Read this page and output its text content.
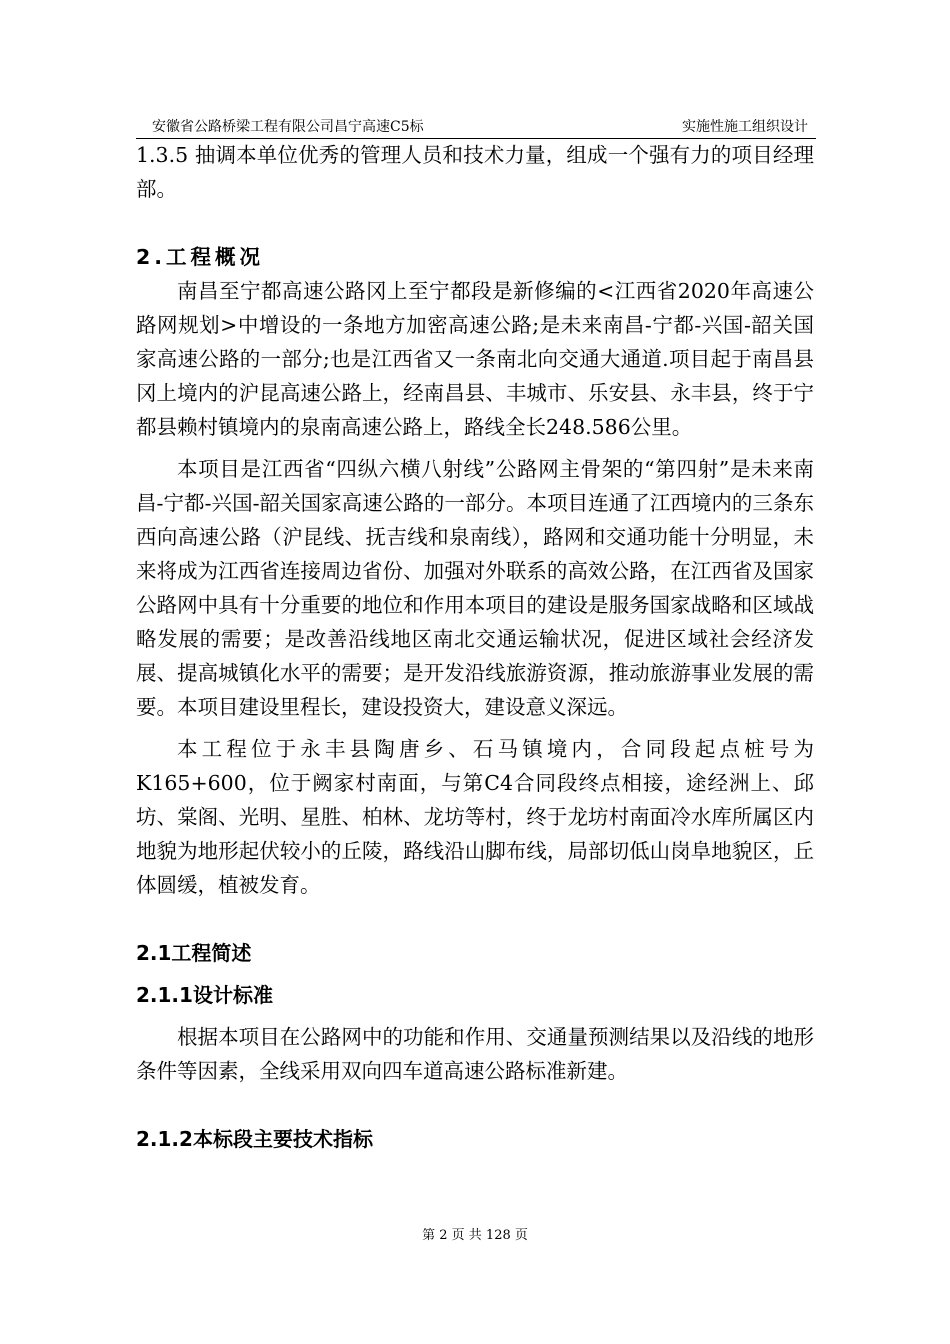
安徽省公路桥梁工程有限公司昌宁高速C5标	实施性施工组织设计

1.3.5 抽调本单位优秀的管理人员和技术力量，组成一个强有力的项目经理部。

2.工程概况

南昌至宁都高速公路冈上至宁都段是新修编的<江西省2020年高速公路网规划>中增设的一条地方加密高速公路;是未来南昌-宁都-兴国-韶关国家高速公路的一部分;也是江西省又一条南北向交通大通道.项目起于南昌县冈上境内的沪昆高速公路上，经南昌县、丰城市、乐安县、永丰县，终于宁都县赖村镇境内的泉南高速公路上，路线全长248.586公里。

本项目是江西省“四纵六横八射线”公路网主骨架的“第四射”是未来南昌-宁都-兴国-韶关国家高速公路的一部分。本项目连通了江西境内的三条东西向高速公路（沪昆线、抚吉线和泉南线），路网和交通功能十分明显，未来将成为江西省连接周边省份、加强对外联系的高效公路，在江西省及国家公路网中具有十分重要的地位和作用本项目的建设是服务国家战略和区域战略发展的需要；是改善沿线地区南北交通运输状况，促进区域社会经济发展、提高城镇化水平的需要；是开发沿线旅游资源，推动旅游事业发展的需要。本项目建设里程长，建设投资大，建设意义深远。

本工程位于永丰县陶唐乡、石马镇境内，合同段起点桩号为K165+600，位于阙家村南面，与第C4合同段终点相接，途经洲上、邱坊、棠阁、光明、星胜、柏林、龙坊等村，终于龙坊村南面冷水库所属区内地貌为地形起伏较小的丘陵，路线沿山脚布线，局部切低山岗阜地貌区，丘体圆缓，植被发育。

2.1工程简述
2.1.1设计标准

根据本项目在公路网中的功能和作用、交通量预测结果以及沿线的地形条件等因素，全线采用双向四车道高速公路标准新建。

2.1.2本标段主要技术指标
第 2 页 共 128 页
